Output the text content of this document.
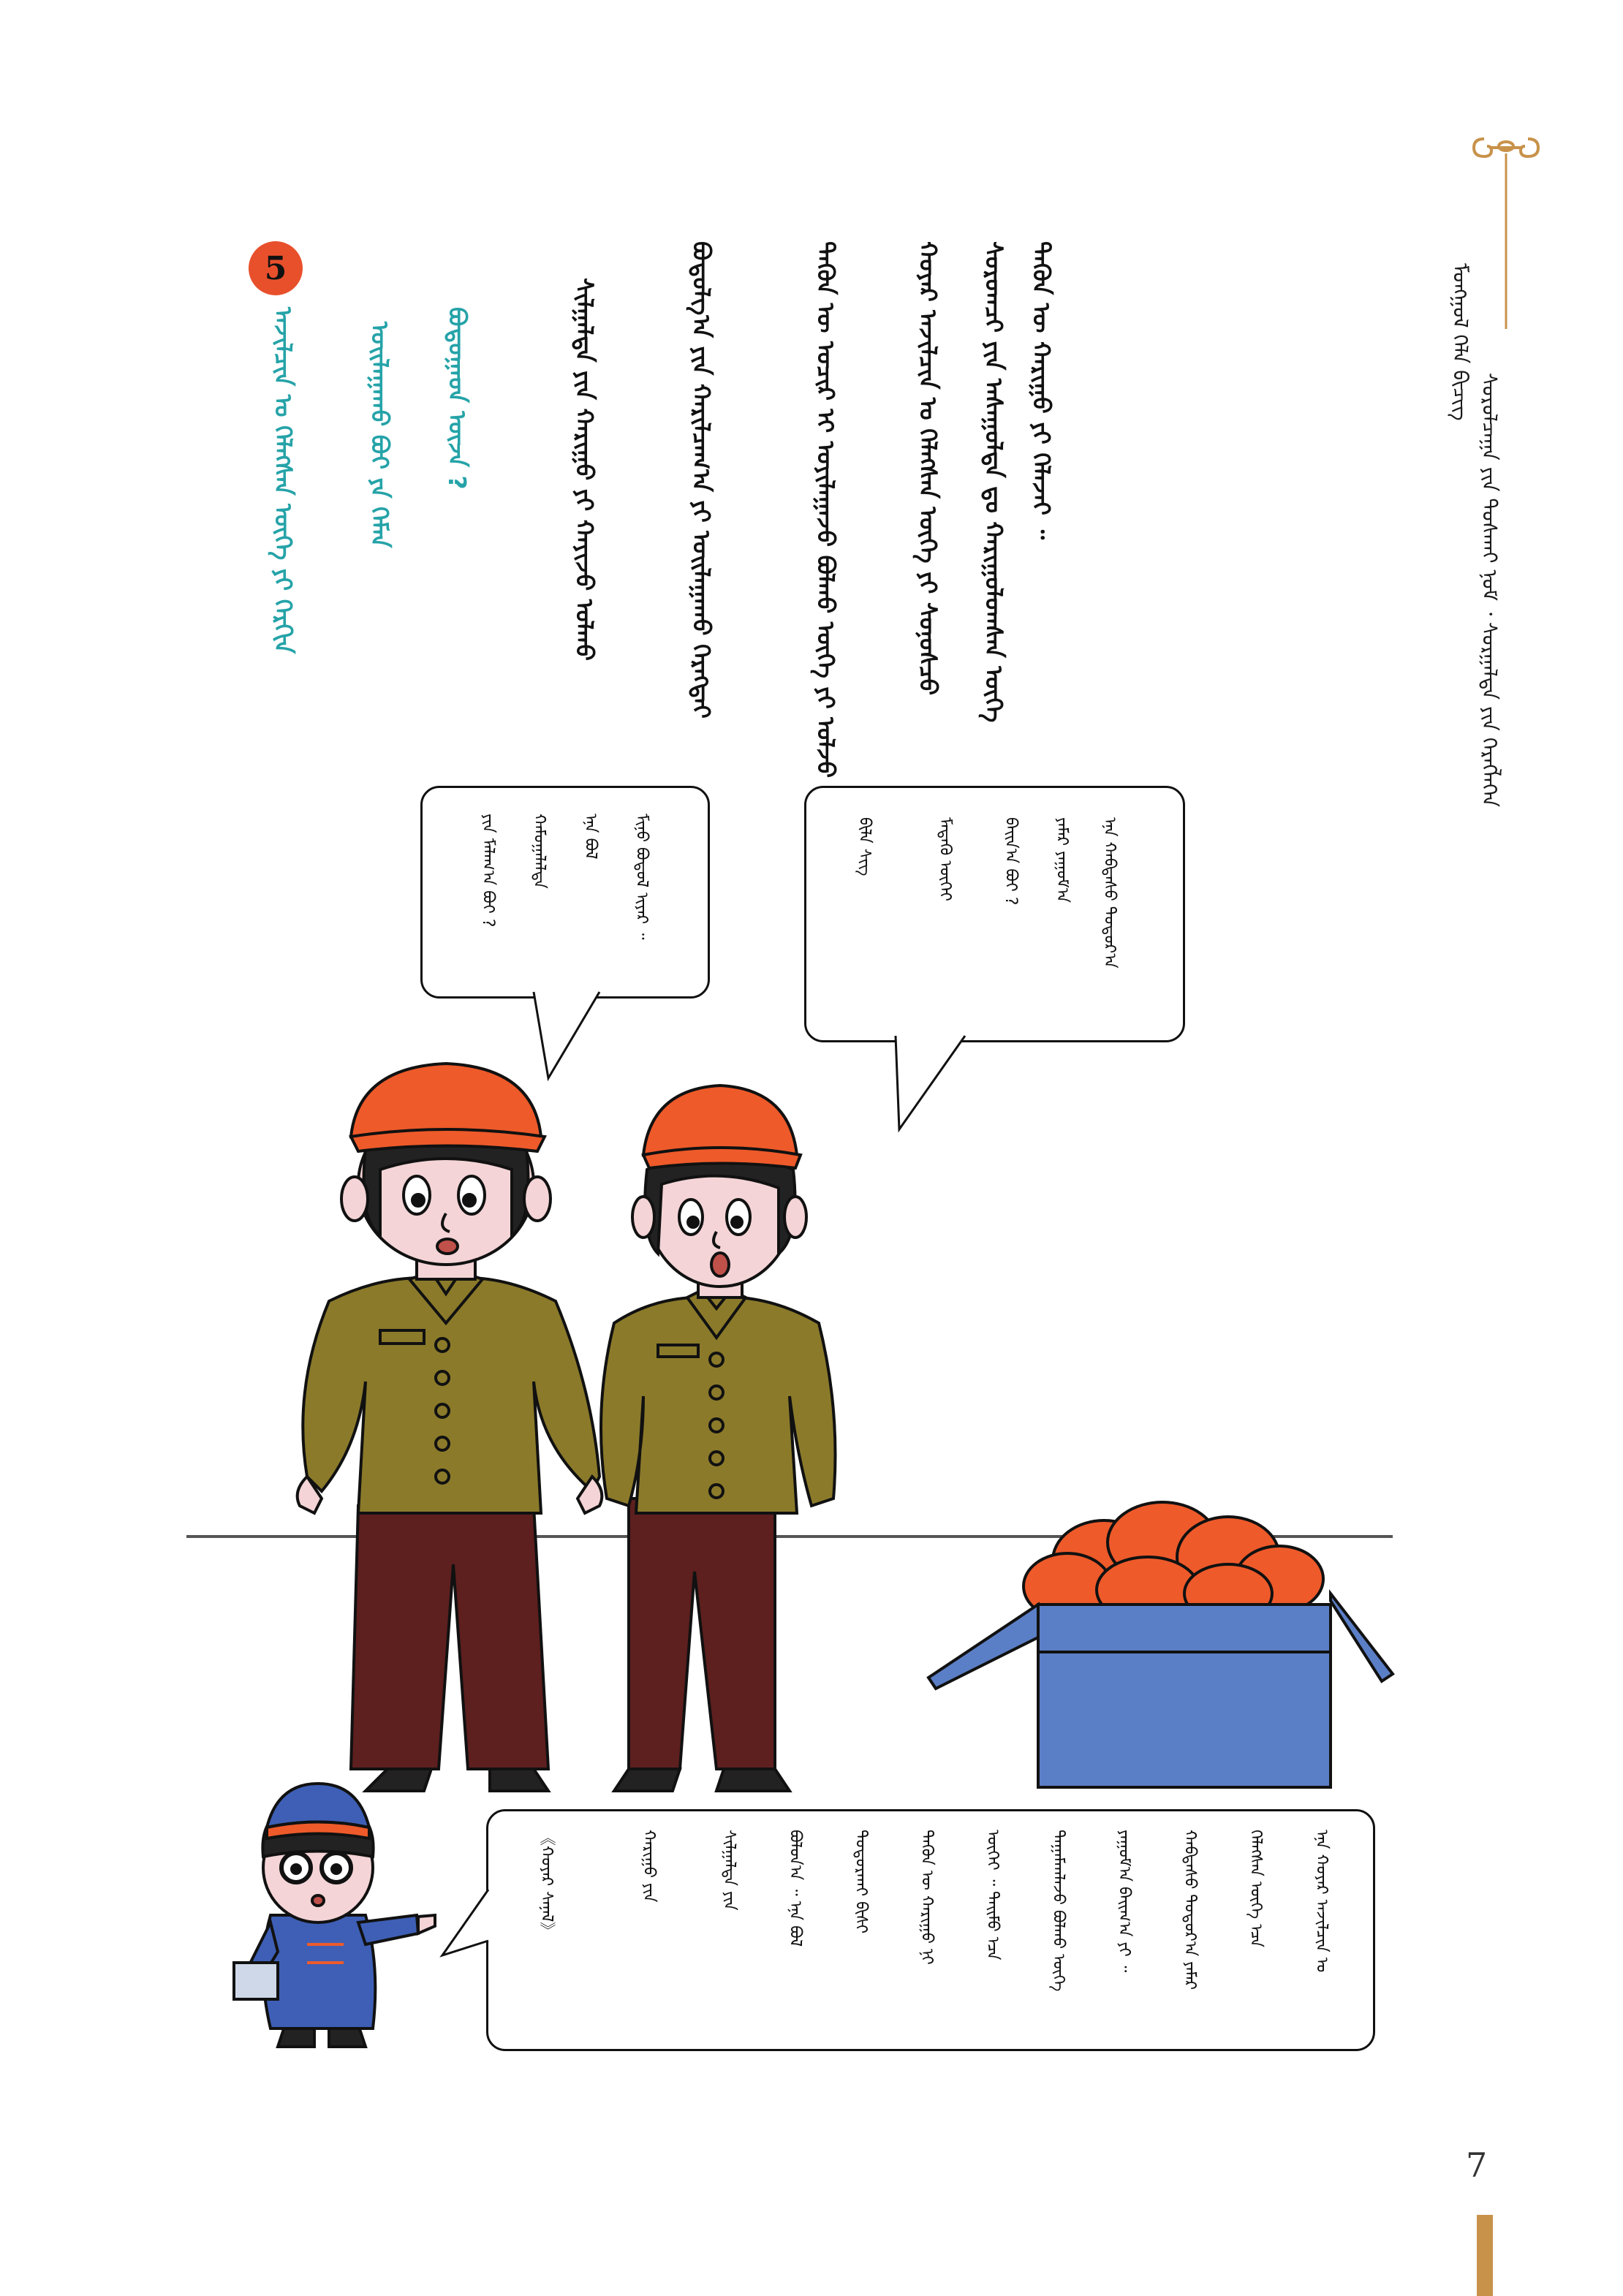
ᠮᠣᠩᠭᠣᠯ ᠬᠡᠯᠡ ᠪᠢᠴᠢᠭ
ᠰᠤᠷᠤᠯᠴᠠᠭᠠ ᠶᠢᠨ ᠲᠤᠰᠬᠠᠢ ᠨᠣᠮ ᠂ ᠰᠤᠷᠭᠠᠯᠲᠠ ᠶᠢᠨ ᠬᠡᠷᠡᠭᠯᠡᠭᠡᠨ
ᠲᠡᠭᠦᠨ ᠦ ᠬᠠᠷᠢᠭᠤ ᠶᠢ ᠬᠡᠯᠡᠵᠡᠢ ᠃
ᠰᠤᠷᠤᠭᠴᠢ ᠶᠢᠨ ᠠᠰᠠᠭᠤᠯᠲᠠ ᠳᠤ ᠬᠠᠷᠢᠭᠤᠯᠤᠭᠰᠠᠨ ᠦᠭᠡ
ᠬᠣᠶᠠᠷ ᠠᠵᠢᠯᠴᠢᠨ ᠤ ᠬᠡᠯᠡᠭᠰᠡᠨ ᠦᠭᠡ ᠶᠢ ᠰᠣᠨᠣᠰᠴᠤ
ᠲᠡᠭᠦᠨ ᠦ ᠤᠴᠢᠷ ᠢ ᠣᠶᠢᠯᠠᠭᠠᠵᠤ ᠪᠣᠯᠬᠤ ᠦᠭᠡ ᠶᠢ ᠣᠯᠵᠤ
ᠪᠣᠳᠣᠯᠭ᠎ᠠ ᠶᠢᠨ ᠬᠠᠷᠢᠯᠴᠠᠭ᠎ᠠ ᠶᠢ ᠣᠢᠯᠠᠭᠠᠬᠤ ᠬᠡᠷᠡᠭᠲᠡᠢ
ᠰᠢᠯᠭᠠᠯᠲᠠ ᠶᠢᠨ ᠬᠠᠷᠢᠭᠤ ᠶᠢ ᠬᠠᠶᠢᠵᠤ ᠣᠯᠬᠤ
5
ᠠᠵᠢᠯᠴᠢᠨ ᠤ ᠬᠡᠯᠡᠭᠰᠡᠨ ᠦᠭᠡ ᠶᠢ ᠬᠡᠷᠬᠢᠨ	ᠣᠢᠯᠠᠭᠠᠬᠤ ᠪᠣᠢ ᠶᠠ ᠬᠡᠮᠡᠨ	ᠪᠣᠳᠣᠭᠠᠳ ᠦᠵᠡ ?
ᠡᠨᠡ ᠬᠠᠪᠲᠠᠰᠤ ᠳᠣᠲᠣᠷ᠎ᠠ
ᠶᠠᠮᠠᠷ ᠶᠠᠭᠤᠮ᠎ᠠ
ᠪᠠᠢᠨ᠎ᠠ ᠪᠣᠢ ?
ᠮᠡᠳᠡᠬᠦ ᠦᠭᠡᠢ
ᠪᠢᠯᠡ ᠰᠢᠭ
ᠮᠢᠨᠦ ᠪᠣᠳᠣᠯ ᠢᠶᠠᠷ ᠃
ᠡᠨᠡ ᠪᠣᠯ
ᠬᠠᠮᠤᠭᠠᠯᠠᠯᠲᠠ
ᠶᠢᠨ ᠮᠠᠯᠠᠭ᠎ᠠ ᠪᠣᠢ ?
ᠡᠨᠡ ᠬᠣᠶᠠᠷ ᠠᠵᠢᠯᠴᠢᠨ ᠤ
ᠬᠡᠯᠡᠭᠰᠡᠨ ᠦᠭᠡ ᠡᠴᠡ
ᠬᠠᠪᠲᠠᠰᠤ ᠳᠣᠲᠣᠷ᠎ᠠ ᠶᠠᠮᠠᠷ
ᠶᠠᠭᠤᠮ᠎ᠠ ᠪᠠᠢᠭ᠎ᠠ ᠶᠢ ᠃
ᠲᠠᠭᠠᠮᠠᠭᠯᠠᠵᠤ ᠪᠣᠯᠬᠤ ᠦᠭᠡ
ᠦᠭᠡᠢ ᠃ ᠲᠡᠢᠮᠦ ᠡᠴᠡ
ᠲᠡᠭᠦᠨ ᠦ ᠬᠠᠷᠢᠭᠤ ᠨᠢ
ᠲᠣᠳᠣᠷᠬᠠᠢ ᠪᠢᠰᠢ
ᠪᠣᠯᠤᠨ᠎ᠠ ᠃ ᠡᠨᠡ ᠪᠣᠯ
ᠰᠢᠯᠭᠠᠯᠲᠠ ᠶᠢᠨ
ᠬᠠᠷᠢᠭᠤ ᠶᠢᠨ
《ᠬᠣᠶᠠᠷ ᠰᠠᠨᠠᠯ》
7
